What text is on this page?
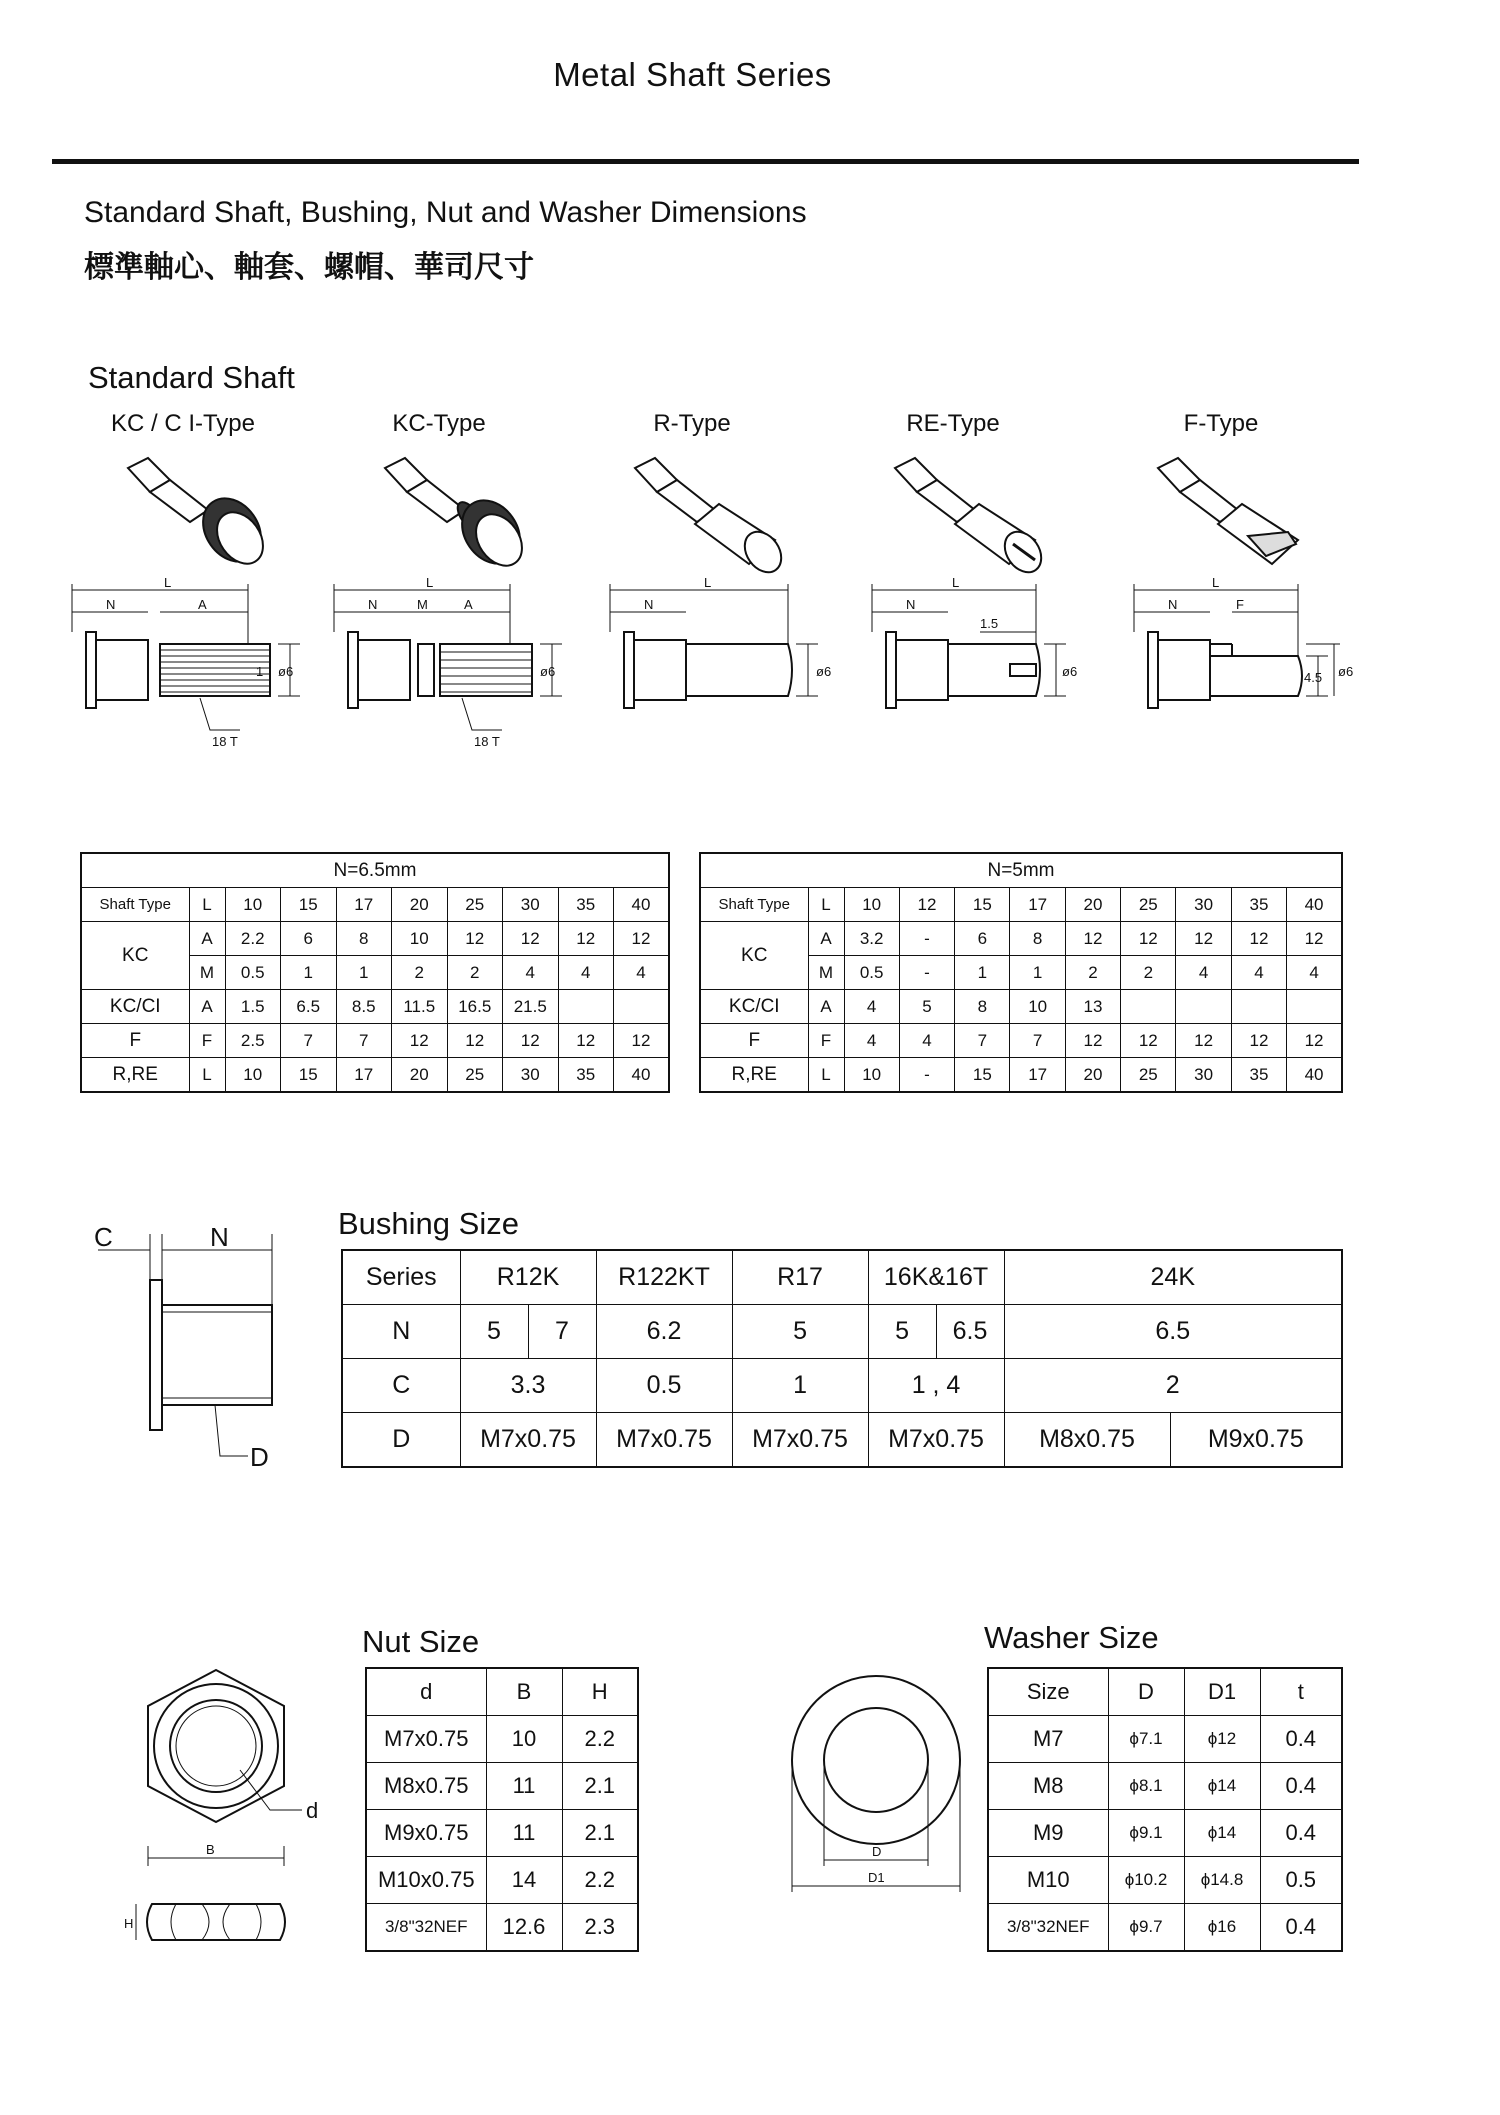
Metal Shaft Series
Standard Shaft, Bushing, Nut and Washer Dimensions
標準軸心、軸套、螺帽、華司尺寸
Standard Shaft
KC / C I-Type	KC-Type	R-Type	RE-Type	F-Type
L
N	A
ø6
1
18 T
L
N	M	A
ø6
18 T
L
N
ø6
L
N
1.5
ø6
L
N	F
4.5 ø6
N=6.5mm									
Shaft Type	L	10	15	17	20	25	30	35	40
KC	A	2.2	6	8	10	12	12	12	12
	M	0.5	1	1	2	2	4	4	4
KC/CI	A	1.5	6.5	8.5	11.5	16.5	21.5		
F	F	2.5	7	7	12	12	12	12	12
R,RE	L	10	15	17	20	25	30	35	40
N=5mm										
Shaft Type	L	10	12	15	17	20	25	30	35	40
KC	A	3.2	-	6	8	12	12	12	12	12
	M	0.5	-	1	1	2	2	4	4	4
KC/CI	A	4	5	8	10	13				
F	F	4	4	7	7	12	12	12	12	12
R,RE	L	10	-	15	17	20	25	30	35	40
C	N
D
Bushing Size
Series	R12K		R122KT	R17	16K&16T		24K	
N	5	7	6.2	5	5	6.5	6.5	
C	3.3		0.5	1	1 , 4		2	
D	M7x0.75		M7x0.75	M7x0.75	M7x0.75		M8x0.75	M9x0.75
d
B
H
Nut Size
d	B	H
M7x0.75	10	2.2
M8x0.75	11	2.1
M9x0.75	11	2.1
M10x0.75	14	2.2
3/8"32NEF	12.6	2.3
D
D1
Washer Size
Size	D	D1	t
M7	ϕ7.1	ϕ12	0.4
M8	ϕ8.1	ϕ14	0.4
M9	ϕ9.1	ϕ14	0.4
M10	ϕ10.2	ϕ14.8	0.5
3/8"32NEF	ϕ9.7	ϕ16	0.4
